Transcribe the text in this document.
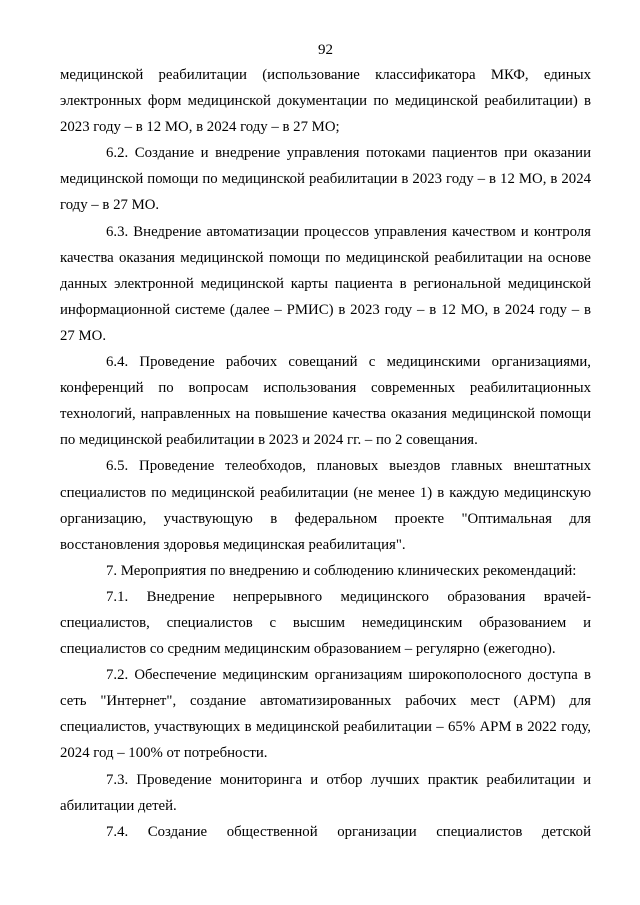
92

медицинской реабилитации (использование классификатора МКФ, единых электронных форм медицинской документации по медицинской реабилитации) в 2023 году – в 12 МО, в 2024 году – в 27 МО;

6.2. Создание и внедрение управления потоками пациентов при оказании медицинской помощи по медицинской реабилитации в 2023 году – в 12 МО, в 2024 году – в 27 МО.

6.3. Внедрение автоматизации процессов управления качеством и контроля качества оказания медицинской помощи по медицинской реабилитации на основе данных электронной медицинской карты пациента в региональной медицинской информационной системе (далее – РМИС) в 2023 году – в 12 МО, в 2024 году – в 27 МО.

6.4. Проведение рабочих совещаний с медицинскими организациями, конференций по вопросам использования современных реабилитационных технологий, направленных на повышение качества оказания медицинской помощи по медицинской реабилитации в 2023 и 2024 гг. – по 2 совещания.

6.5. Проведение телеобходов, плановых выездов главных внештатных специалистов по медицинской реабилитации (не менее 1) в каждую медицинскую организацию, участвующую в федеральном проекте "Оптимальная для восстановления здоровья медицинская реабилитация".

7. Мероприятия по внедрению и соблюдению клинических рекомендаций:

7.1. Внедрение непрерывного медицинского образования врачей-специалистов, специалистов с высшим немедицинским образованием и специалистов со средним медицинским образованием – регулярно (ежегодно).

7.2. Обеспечение медицинским организациям широкополосного доступа в сеть "Интернет", создание автоматизированных рабочих мест (АРМ) для специалистов, участвующих в медицинской реабилитации – 65% АРМ в 2022 году, 2024 год – 100% от потребности.

7.3. Проведение мониторинга и отбор лучших практик реабилитации и абилитации детей.

7.4. Создание общественной организации специалистов детской
